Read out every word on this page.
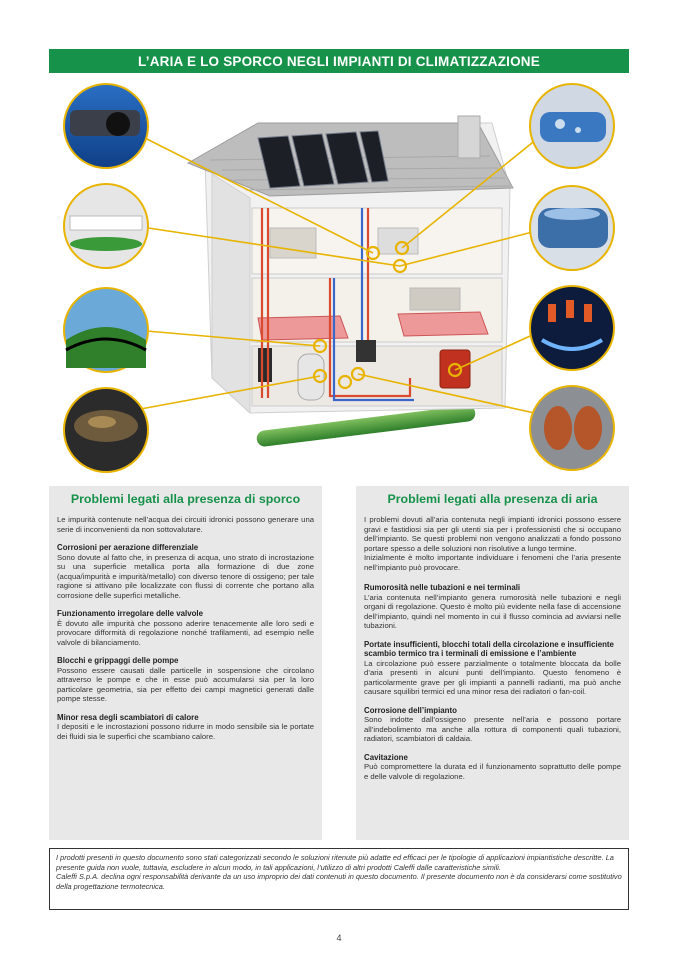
L’ARIA E LO SPORCO NEGLI IMPIANTI DI CLIMATIZZAZIONE
Problemi legati alla presenza di sporco

Le impurità contenute nell’acqua dei circuiti idronici possono generare una serie di inconvenienti da non sottovalutare.

Corrosioni per aerazione differenziale

Sono dovute al fatto che, in presenza di acqua, uno strato di incrostazione su una superficie metallica porta alla formazione di due zone (acqua/impurità e impurità/metallo) con diverso tenore di ossigeno; per tale ragione si attivano pile localizzate con flussi di corrente che portano alla corrosione delle superfici metalliche.

Funzionamento irregolare delle valvole

È dovuto alle impurità che possono aderire tenacemente alle loro sedi e provocare difformità di regolazione nonché trafilamenti, ad esempio nelle valvole di bilanciamento.

Blocchi e grippaggi delle pompe

Possono essere causati dalle particelle in sospensione che circolano attraverso le pompe e che in esse può accumularsi sia per la loro particolare geometria, sia per effetto dei campi magnetici generati dalle pompe stesse.

Minor resa degli scambiatori di calore

I depositi e le incrostazioni possono ridurre in modo sensibile sia le portate dei fluidi sia le superfici che scambiano calore.

Problemi legati alla presenza di aria

I problemi dovuti all’aria contenuta negli impianti idronici possono essere gravi e fastidiosi sia per gli utenti sia per i professionisti che si occupano dell’impianto. Se questi problemi non vengono analizzati a fondo possono portare spesso a delle soluzioni non risolutive a lungo termine.

Inizialmente è molto importante individuare i fenomeni che l’aria presente nell’impianto può provocare.

Rumorosità nelle tubazioni e nei terminali

L’aria contenuta nell’impianto genera rumorosità nelle tubazioni e negli organi di regolazione. Questo è molto più evidente nella fase di accensione dell’impianto, quindi nel momento in cui il flusso comincia ad avviarsi nelle tubazioni.

Portate insufficienti, blocchi totali della circolazione e insufficiente scambio termico tra i terminali di emissione e l’ambiente

La circolazione può essere parzialmente o totalmente bloccata da bolle d’aria presenti in alcuni punti dell’impianto. Questo fenomeno è particolarmente grave per gli impianti a pannelli radianti, ma può anche causare squilibri termici ed una minor resa dei radiatori o fan-coil.

Corrosione dell’impianto

Sono indotte dall’ossigeno presente nell’aria e possono portare all’indebolimento ma anche alla rottura di componenti quali tubazioni, radiatori, scambiatori di caldaia.

Cavitazione

Può compromettere la durata ed il funzionamento soprattutto delle pompe e delle valvole di regolazione.

I prodotti presenti in questo documento sono stati categorizzati secondo le soluzioni ritenute più adatte ed efficaci per le tipologie di applicazioni impiantistiche descritte. La presente guida non vuole, tuttavia, escludere in alcun modo, in tali applicazioni, l’utilizzo di altri prodotti Caleffi dalle caratteristiche simili.
Caleffi S.p.A. declina ogni responsabilità derivante da un uso improprio dei dati contenuti in questo documento. Il presente documento non è da considerarsi come sostitutivo della progettazione termotecnica.
4
